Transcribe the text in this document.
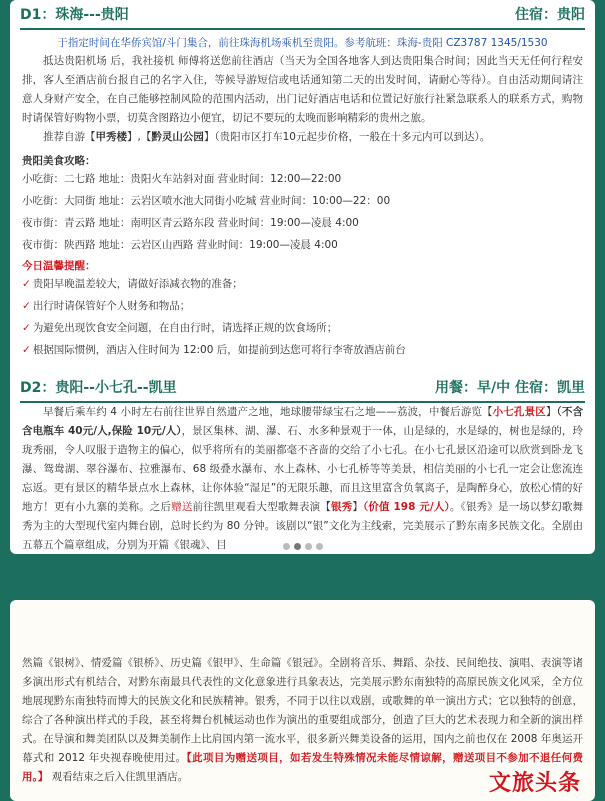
D1：珠海---贵阳	住宿：贵阳
于指定时间在华侨宾馆/斗门集合，前往珠海机场乘机至贵阳。参考航班：珠海-贵阳 CZ3787 1345/1530
抵达贵阳机场 后，我社接机 师傅将送您前往酒店（当天为全国各地客人到达贵阳集合时间；因此当天无任何行程安排，客人至酒店前台报自己的名字入住，等候导游短信或电话通知第二天的出发时间，请耐心等待）。自由活动期间请注意人身财产安全，在自己能够控制风险的范围内活动，出门记好酒店电话和位置记好旅行社紧急联系人的联系方式，购物时请保管好购物小票，切莫含图路边小便宜，切记不要玩的太晚而影响精彩的贵州之旅。
推荐自游【甲秀楼】,【黔灵山公园】（贵阳市区打车10元起步价格，一般在十多元内可以到达）。
贵阳美食攻略：
小吃街：二七路 地址：贵阳火车站斜对面 营业时间：12:00—22:00
小吃街：大同街 地址：云岩区喷水池大同街小吃城 营业时间：10:00—22：00
夜市街：青云路 地址：南明区青云路东段 营业时间：19:00—凌晨 4:00
夜市街：陕西路 地址：云岩区山西路 营业时间：19:00—凌晨 4:00
今日温馨提醒：
✓ 贵阳早晚温差较大，请做好添减衣物的准备；
✓ 出行时请保管好个人财务和物品；
✓ 为避免出现饮食安全问题，在自由行时，请选择正规的饮食场所；
✓ 根据国际惯例，酒店入住时间为 12:00 后，如提前到达您可将行李寄放酒店前台
D2：贵阳--小七孔--凯里	用餐：早/中 住宿：凯里
早餐后乘车约 4 小时左右前往世界自然遗产之地，地球腰带绿宝石之地——荔波，中餐后游览【小七孔景区】（不含含电瓶车 40元/人,保险 10元/人），景区集林、湖、瀑、石、水多种景观于一体，山是绿的，水是绿的，树也是绿的，玲珑秀丽，令人叹服于造物主的偏心，似乎将所有的美丽都毫不吝啬的交给了小七孔。在小七孔景区沿途可以欣赏到卧龙飞瀑、鸳鸯湖、翠谷瀑布、拉雅瀑布、68 级叠水瀑布、水上森林、小七孔桥等等美景，相信美丽的小七孔一定会让您流连忘返。更有景区的精华景点水上森林，让你体验“湿足”的无限乐趣，而且这里富含负氧离子，是陶醉身心，放松心情的好地方！更有小九寨的美称。之后赠送前往凯里观看大型歌舞表演【银秀】（价值 198 元/人）。《银秀》是一场以梦幻歌舞秀为主的大型现代室内舞台剧，总时长约为 80 分钟。该剧以“银”文化为主线索，完美展示了黔东南多民族文化。全剧由五幕五个篇章组成，分别为开篇《银魂》、目
然篇《银树》、情爱篇《银桥》、历史篇《银甲》、生命篇《银冠》。全剧将音乐、舞蹈、杂技、民间绝技、演唱、表演等诸多演出形式有机结合，对黔东南最具代表性的文化意象进行具象表达，完美展示黔东南独特的高原民族文化风采，全方位地展现黔东南独特而博大的民族文化和民族精神。银秀，不同于以往以戏剧，或歌舞的单一演出方式；它以独特的创意，综合了各种演出样式的手段，甚至将舞台机械运动也作为演出的重要组成部分，创造了巨大的艺术表现力和全新的演出样式。在导演和舞美团队以及舞美制作上比肩国内第一流水平，很多新兴舞美设备的运用，国内之前也仅在 2008 年奥运开幕式和 2012 年央视春晚使用过。【此项目为赠送项目，如若发生特殊情况未能尽情谅解，赠送项目不参加不退任何费用。】 观看结束之后入住凯里酒店。	文旅头条
